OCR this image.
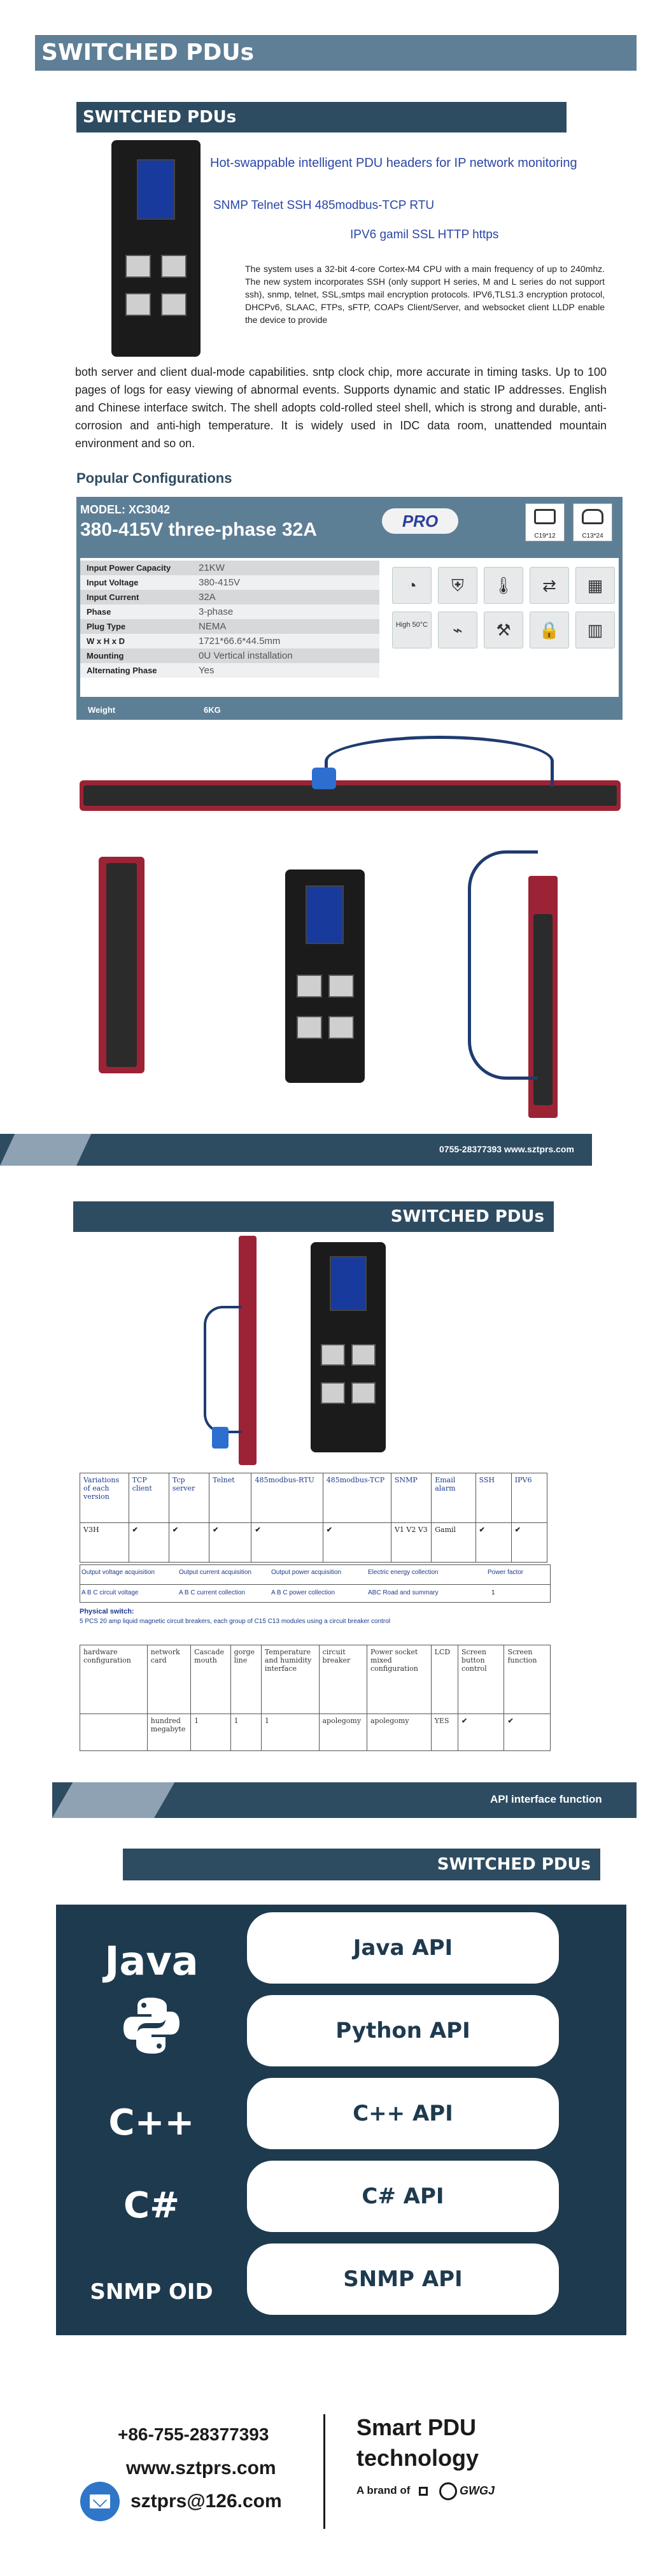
SWITCHED PDUs
SWITCHED PDUs
Hot-swappable intelligent PDU headers for IP network monitoring
SNMP Telnet SSH 485modbus-TCP RTU
IPV6 gamil SSL HTTP https
The system uses a 32-bit 4-core Cortex-M4 CPU with a main frequency of up to 240mhz. The new system incorporates SSH (only support H series, M and L series do not support ssh), snmp, telnet, SSL,smtps mail encryption protocols. IPV6,TLS1.3 encryption protocol, DHCPv6, SLAAC, FTPs, sFTP, COAPs Client/Server, and websocket client LLDP enable the device to provide
both server and client dual-mode capabilities. sntp clock chip, more accurate in timing tasks. Up to 100 pages of logs for easy viewing of abnormal events. Supports dynamic and static IP addresses. English and Chinese interface switch. The shell adopts cold-rolled steel shell, which is strong and durable, anti-corrosion and anti-high temperature. It is widely used in IDC data room, unattended mountain environment and so on.
Popular Configurations
MODEL: XC3042
380-415V three-phase 32A	PRO
C19*12	C13*24
Input Power Capacity	21KW
Input Voltage	380-415V
Input Current	32A
Phase	3-phase
Plug Type	NEMA
W x H x D	1721*66.6*44.5mm
Mounting	0U Vertical installation
Alternating Phase	Yes
◔	⛨	🌡	⇄	▦
High 50°C	⌁	⚒	🔒	▥
Weight	6KG
0755-28377393 www.sztprs.com
SWITCHED PDUs
Variations of each version	TCP client	Tcp server	Telnet	485modbus-RTU	485modbus-TCP	SNMP	Email alarm	SSH	IPV6
V3H	✔	✔	✔	✔	✔	V1 V2 V3	Gamil	✔	✔
Output voltage acquisition	Output current acquisition	Output power acquisition	Electric energy collection	Power factor
A B C circuit voltage	A B C current collection	A B C power collection	ABC Road and summary	1
Physical switch:
5 PCS 20 amp liquid magnetic circuit breakers, each group of C15 C13 modules using a circuit breaker control
hardware configuration	network card	Cascade mouth	gorge line	Temperature and humidity interface	circuit breaker	Power socket mixed configuration	LCD	Screen button control	Screen function
	hundred megabyte	1	1	1	apolegomy	apolegomy	YES	✔	✔
API interface function
SWITCHED PDUs
Java	Java API
Python API
C++	C++ API
C#	C# API
SNMP OID	SNMP API
+86-755-28377393
www.sztprs.com
sztprs@126.com
Smart PDU
technology
A brand of	GWGJ
